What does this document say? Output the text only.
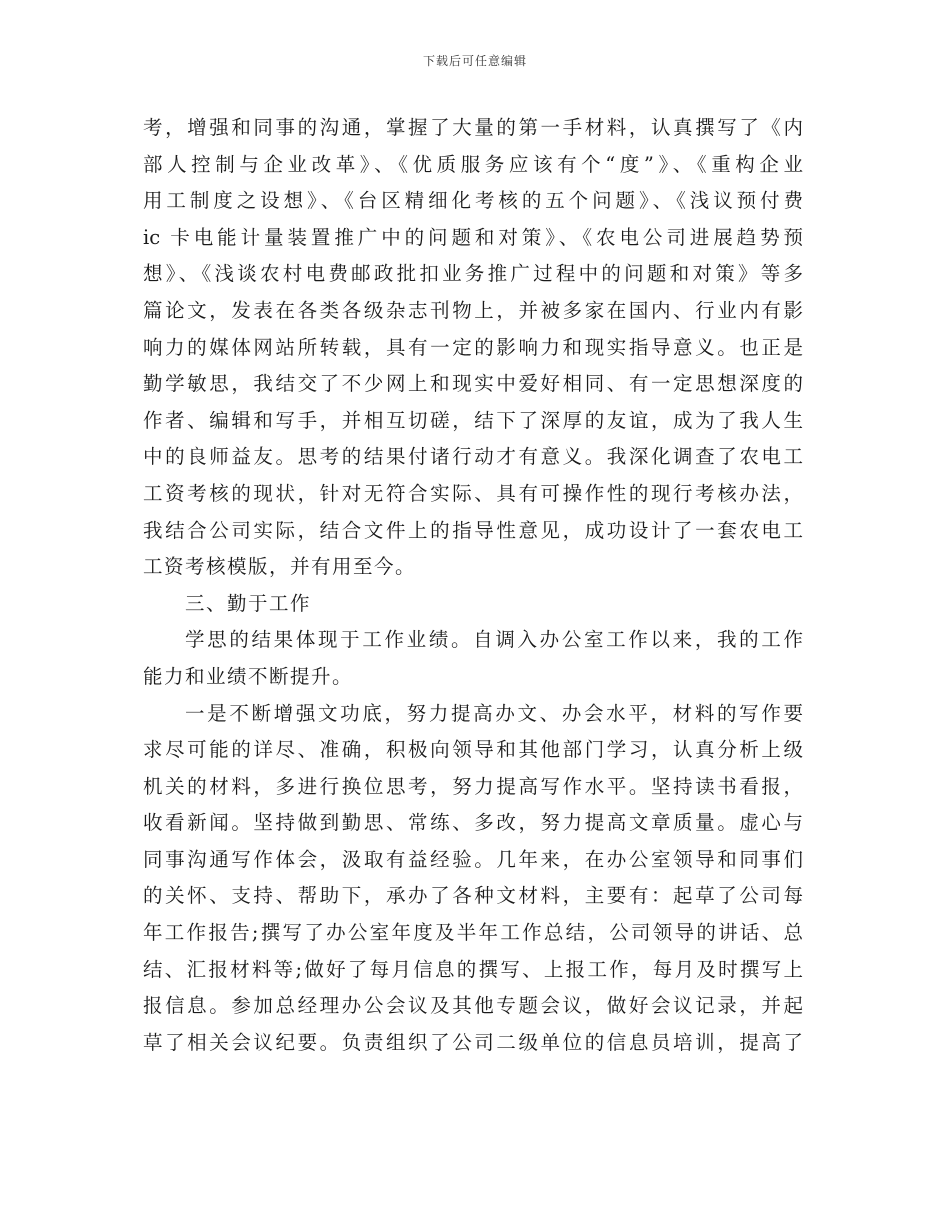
下载后可任意编辑
考，增强和同事的沟通，掌握了大量的第一手材料，认真撰写了《内
部人控制与企业改革》、《优质服务应该有个“度”》、《重构企业
用工制度之设想》、《台区精细化考核的五个问题》、《浅议预付费
ic 卡电能计量装置推广中的问题和对策》、《农电公司进展趋势预
想》、《浅谈农村电费邮政批扣业务推广过程中的问题和对策》等多
篇论文，发表在各类各级杂志刊物上，并被多家在国内、行业内有影
响力的媒体网站所转载，具有一定的影响力和现实指导意义。也正是
勤学敏思，我结交了不少网上和现实中爱好相同、有一定思想深度的
作者、编辑和写手，并相互切磋，结下了深厚的友谊，成为了我人生
中的良师益友。思考的结果付诸行动才有意义。我深化调查了农电工
工资考核的现状，针对无符合实际、具有可操作性的现行考核办法，
我结合公司实际，结合文件上的指导性意见，成功设计了一套农电工
工资考核模版，并有用至今。
三、勤于工作
学思的结果体现于工作业绩。自调入办公室工作以来，我的工作
能力和业绩不断提升。
一是不断增强文功底，努力提高办文、办会水平，材料的写作要
求尽可能的详尽、准确，积极向领导和其他部门学习，认真分析上级
机关的材料，多进行换位思考，努力提高写作水平。坚持读书看报，
收看新闻。坚持做到勤思、常练、多改，努力提高文章质量。虚心与
同事沟通写作体会，汲取有益经验。几年来，在办公室领导和同事们
的关怀、支持、帮助下，承办了各种文材料，主要有：起草了公司每
年工作报告;撰写了办公室年度及半年工作总结，公司领导的讲话、总
结、汇报材料等;做好了每月信息的撰写、上报工作，每月及时撰写上
报信息。参加总经理办公会议及其他专题会议，做好会议记录，并起
草了相关会议纪要。负责组织了公司二级单位的信息员培训，提高了
